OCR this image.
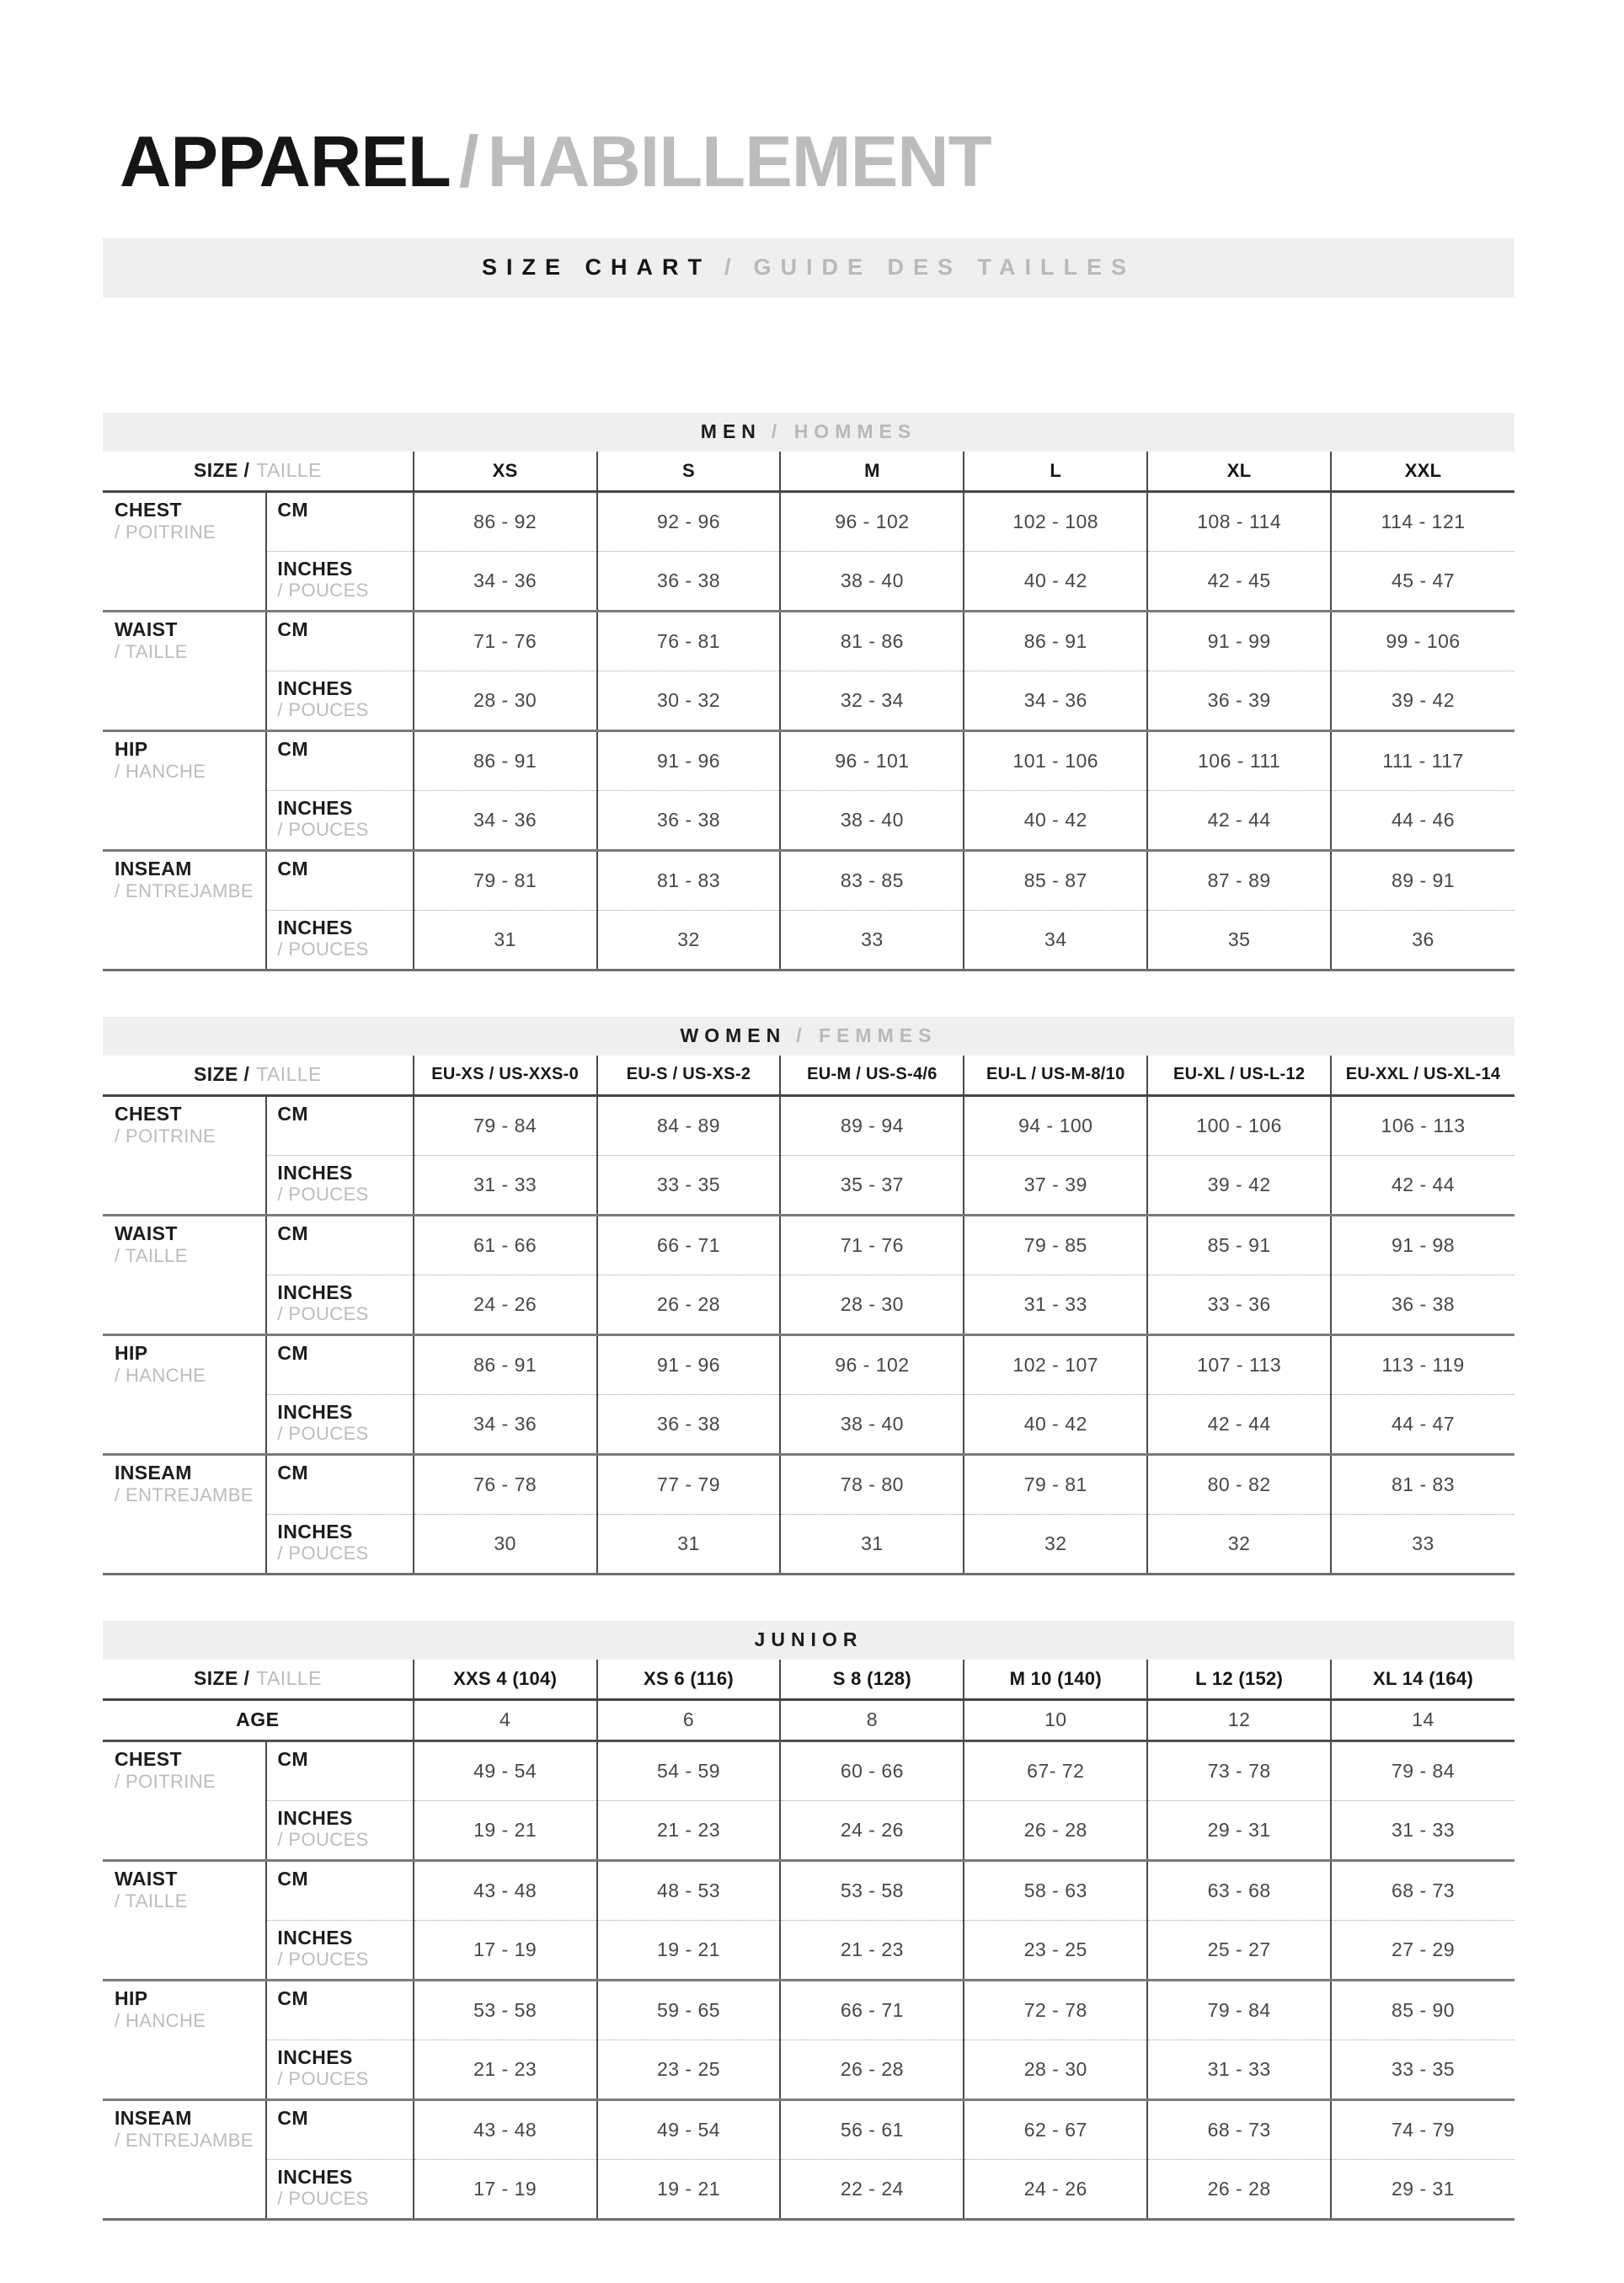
APPAREL / HABILLEMENT
SIZE CHART / GUIDE DES TAILLES
MEN / HOMMES							
SIZE / TAILLE		XS	S	M	L	XL	XXL

CHEST
/ POITRINE	CM	86 - 92	92 - 96	96 - 102	102 - 108	108 - 114	114 - 121

	INCHES
/ POUCES	34 - 36	36 - 38	38 - 40	40 - 42	42 - 45	45 - 47

WAIST
/ TAILLE	CM	71 - 76	76 - 81	81 - 86	86 - 91	91 - 99	99 - 106

	INCHES
/ POUCES	28 - 30	30 - 32	32 - 34	34 - 36	36 - 39	39 - 42

HIP
/ HANCHE	CM	86 - 91	91 - 96	96 - 101	101 - 106	106 - 111	111 - 117

	INCHES
/ POUCES	34 - 36	36 - 38	38 - 40	40 - 42	42 - 44	44 - 46

INSEAM
/ ENTREJAMBE	CM	79 - 81	81 - 83	83 - 85	85 - 87	87 - 89	89 - 91

	INCHES
/ POUCES	31	32	33	34	35	36
WOMEN / FEMMES							
SIZE / TAILLE		EU-XS / US-XXS-0	EU-S / US-XS-2	EU-M / US-S-4/6	EU-L / US-M-8/10	EU-XL / US-L-12	EU-XXL / US-XL-14

CHEST
/ POITRINE	CM	79 - 84	84 - 89	89 - 94	94 - 100	100 - 106	106 - 113

	INCHES
/ POUCES	31 - 33	33 - 35	35 - 37	37 - 39	39 - 42	42 - 44

WAIST
/ TAILLE	CM	61 - 66	66 - 71	71 - 76	79 - 85	85 - 91	91 - 98

	INCHES
/ POUCES	24 - 26	26 - 28	28 - 30	31 - 33	33 - 36	36 - 38

HIP
/ HANCHE	CM	86 - 91	91 - 96	96 - 102	102 - 107	107 - 113	113 - 119

	INCHES
/ POUCES	34 - 36	36 - 38	38 - 40	40 - 42	42 - 44	44 - 47

INSEAM
/ ENTREJAMBE	CM	76 - 78	77 - 79	78 - 80	79 - 81	80 - 82	81 - 83

	INCHES
/ POUCES	30	31	31	32	32	33
JUNIOR							
SIZE / TAILLE		XXS 4 (104)	XS 6 (116)	S 8 (128)	M 10 (140)	L 12 (152)	XL 14 (164)
AGE		4	6	8	10	12	14

CHEST
/ POITRINE	CM	49 - 54	54 - 59	60 - 66	67- 72	73 - 78	79 - 84

	INCHES
/ POUCES	19 - 21	21 - 23	24 - 26	26 - 28	29 - 31	31 - 33

WAIST
/ TAILLE	CM	43 - 48	48 - 53	53 - 58	58 - 63	63 - 68	68 - 73

	INCHES
/ POUCES	17 - 19	19 - 21	21 - 23	23 - 25	25 - 27	27 - 29

HIP
/ HANCHE	CM	53 - 58	59 - 65	66 - 71	72 - 78	79 - 84	85 - 90

	INCHES
/ POUCES	21 - 23	23 - 25	26 - 28	28 - 30	31 - 33	33 - 35

INSEAM
/ ENTREJAMBE	CM	43 - 48	49 - 54	56 - 61	62 - 67	68 - 73	74 - 79

	INCHES
/ POUCES	17 - 19	19 - 21	22 - 24	24 - 26	26 - 28	29 - 31
